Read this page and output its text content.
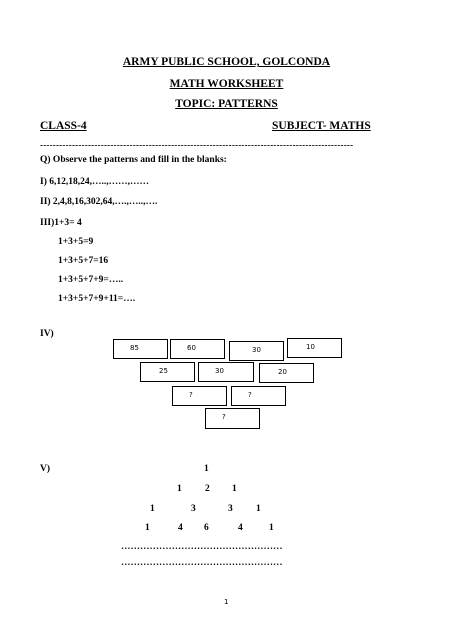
ARMY PUBLIC SCHOOL, GOLCONDA
MATH WORKSHEET
TOPIC: PATTERNS
CLASS-4	SUBJECT- MATHS
--------------------------------------------------------------------------------------------------
Q) Observe the patterns and fill in the blanks:
I) 6,12,18,24,…..,……,……
II) 2,4,8,16,302,64,….,…..,….
III)1+3= 4
1+3+5=9
1+3+5+7=16
1+3+5+7+9=…..
1+3+5+7+9+11=….
IV)
85	60	30	10
25	30	20
?	?
?
V)	1
1 2 1
1	3	3 1
1	4 6	4	1
……………………………………………
……………………………………………
1
